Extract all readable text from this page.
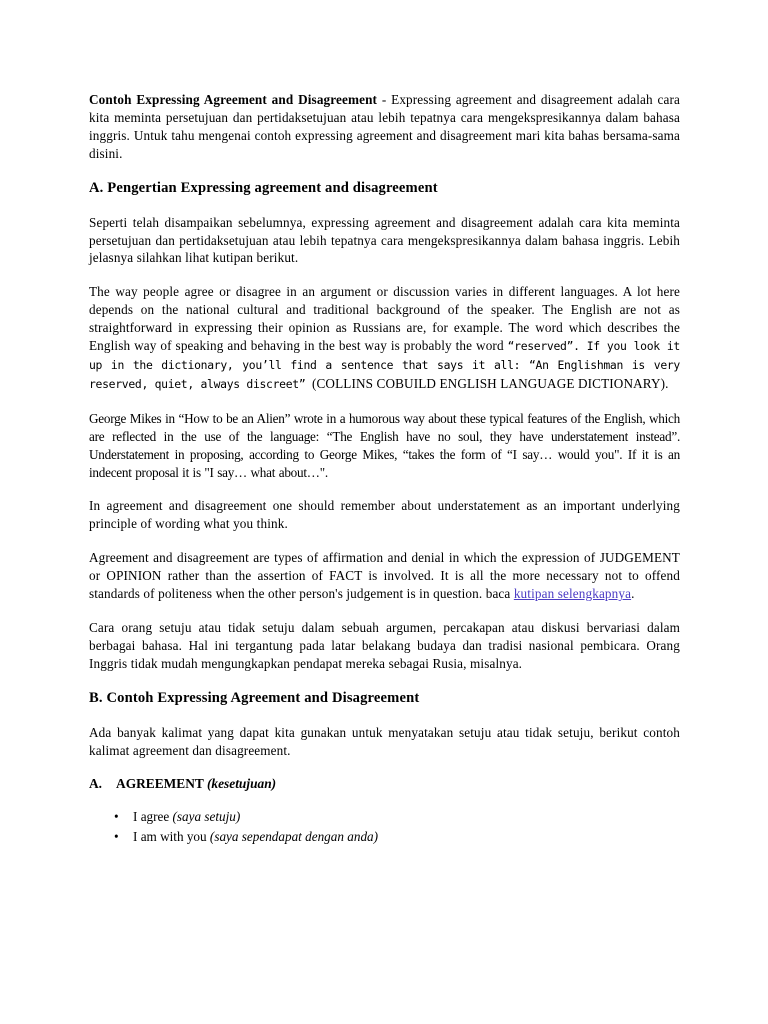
Contoh Expressing Agreement and Disagreement - Expressing agreement and disagreement adalah cara kita meminta persetujuan dan pertidaksetujuan atau lebih tepatnya cara mengekspresikannya dalam bahasa inggris. Untuk tahu mengenai contoh expressing agreement and disagreement mari kita bahas bersama-sama disini.

A. Pengertian Expressing agreement and disagreement

Seperti telah disampaikan sebelumnya, expressing agreement and disagreement adalah cara kita meminta persetujuan dan pertidaksetujuan atau lebih tepatnya cara mengekspresikannya dalam bahasa inggris. Lebih jelasnya silahkan lihat kutipan berikut.

The way people agree or disagree in an argument or discussion varies in different languages. A lot here depends on the national cultural and traditional background of the speaker. The English are not as straightforward in expressing their opinion as Russians are, for example. The word which describes the English way of speaking and behaving in the best way is probably the word “reserved”. If you look it up in the dictionary, you’ll find a sentence that says it all: “An Englishman is very reserved, quiet, always discreet” (COLLINS COBUILD ENGLISH LANGUAGE DICTIONARY).

George Mikes in “How to be an Alien” wrote in a humorous way about these typical features of the English, which are reflected in the use of the language: “The English have no soul, they have understatement instead”. Understatement in proposing, according to George Mikes, “takes the form of “I say… would you". If it is an indecent proposal it is "I say… what about…".

In agreement and disagreement one should remember about understatement as an important underlying principle of wording what you think.

Agreement and disagreement are types of affirmation and denial in which the expression of JUDGEMENT or OPINION rather than the assertion of FACT is involved. It is all the more necessary not to offend standards of politeness when the other person's judgement is in question. baca kutipan selengkapnya.

Cara orang setuju atau tidak setuju dalam sebuah argumen, percakapan atau diskusi bervariasi dalam berbagai bahasa. Hal ini tergantung pada latar belakang budaya dan tradisi nasional pembicara. Orang Inggris tidak mudah mengungkapkan pendapat mereka sebagai Rusia, misalnya.

B. Contoh Expressing Agreement and Disagreement

Ada banyak kalimat yang dapat kita gunakan untuk menyatakan setuju atau tidak setuju, berikut contoh kalimat agreement dan disagreement.

A. AGREEMENT (kesetujuan)
• I agree (saya setuju)
• I am with you (saya sependapat dengan anda)
